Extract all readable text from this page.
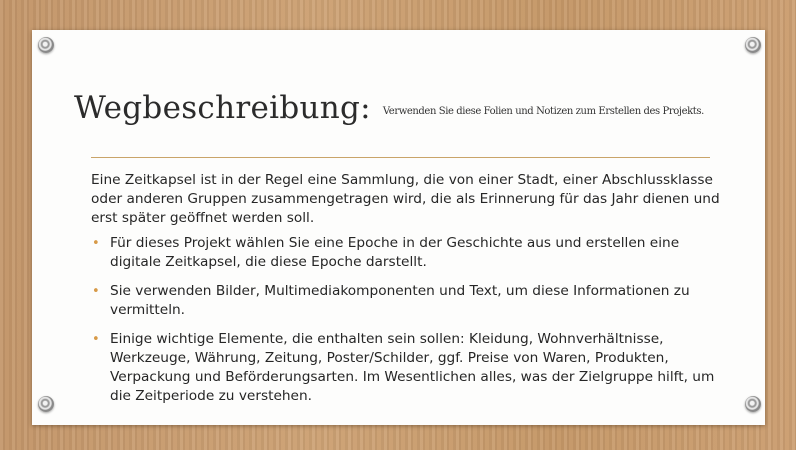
Wegbeschreibung: $^{Verwenden Sie diese Folien und Notizen zum Erstellen des Projekts.}$

Eine Zeitkapsel ist in der Regel eine Sammlung, die von einer Stadt, einer Abschlussklasse oder anderen Gruppen zusammengetragen wird, die als Erinnerung für das Jahr dienen und erst später geöffnet werden soll.

• Für dieses Projekt wählen Sie eine Epoche in der Geschichte aus und erstellen eine digitale Zeitkapsel, die diese Epoche darstellt.
• Sie verwenden Bilder, Multimediakomponenten und Text, um diese Informationen zu vermitteln.
• Einige wichtige Elemente, die enthalten sein sollen: Kleidung, Wohnverhältnisse, Werkzeuge, Währung, Zeitung, Poster/Schilder, ggf. Preise von Waren, Produkten, Verpackung und Beförderungsarten. Im Wesentlichen alles, was der Zielgruppe hilft, um die Zeitperiode zu verstehen.
